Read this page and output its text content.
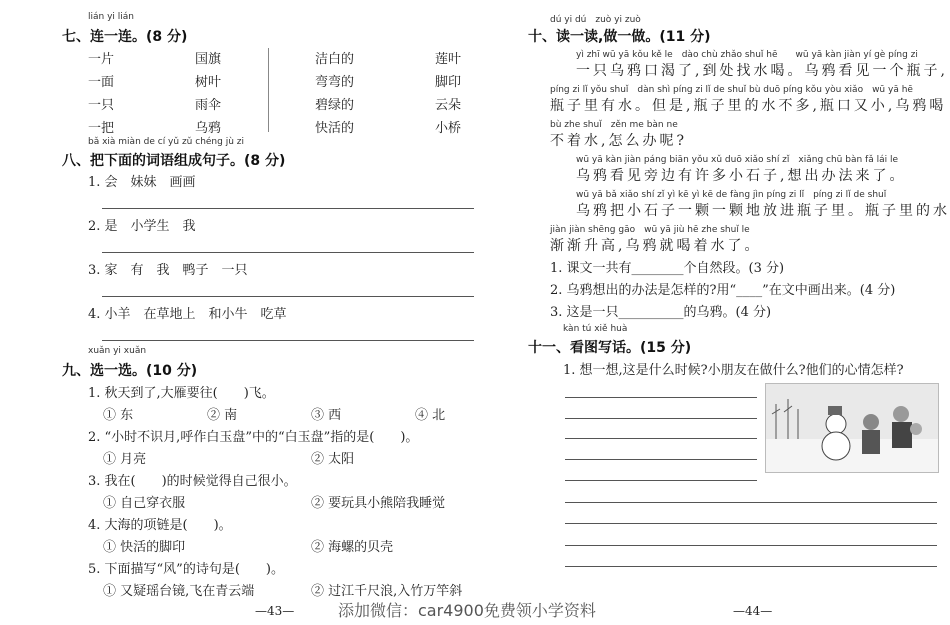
lián yi lián
七、连一连。(8 分)
一片	国旗	洁白的	莲叶
一面	树叶	弯弯的	脚印
一只	雨伞	碧绿的	云朵
一把	乌鸦	快活的	小桥
bǎ xià miàn de cí yǔ zǔ chéng jù zi
八、把下面的词语组成句子。(8 分)
1. 会　妹妹　画画
2. 是　小学生　我
3. 家　有　我　鸭子　一只
4. 小羊　在草地上　和小牛　吃草
xuǎn yi xuǎn
九、选一选。(10 分)
1. 秋天到了,大雁要往(　　)飞。
① 东	② 南	③ 西	④ 北
2. “小时不识月,呼作白玉盘”中的“白玉盘”指的是(　　)。
① 月亮	② 太阳
3. 我在(　　)的时候觉得自己很小。
① 自己穿衣服	② 要玩具小熊陪我睡觉
4. 大海的项链是(　　)。
① 快活的脚印	② 海螺的贝壳
5. 下面描写“风”的诗句是(　　)。
① 又疑瑶台镜,飞在青云端	② 过江千尺浪,入竹万竿斜
—43—
dú yi dú　zuò yi zuò
十、读一读,做一做。(11 分)
yì zhī wū yā kǒu kě le　dào chù zhǎo shuǐ hē　　wū yā kàn jiàn yí gè píng zi
一只乌鸦口渴了,到处找水喝。乌鸦看见一个瓶子,
píng zi lǐ yǒu shuǐ　dàn shì píng zi lǐ de shuǐ bù duō píng kǒu yòu xiǎo　wū yā hē
瓶子里有水。但是,瓶子里的水不多,瓶口又小,乌鸦喝
bù zhe shuǐ　zěn me bàn ne
不着水,怎么办呢?
wū yā kàn jiàn páng biān yǒu xǔ duō xiǎo shí zǐ　xiǎng chū bàn fǎ lái le
乌鸦看见旁边有许多小石子,想出办法来了。
wū yā bǎ xiǎo shí zǐ yì kē yì kē de fàng jìn píng zi lǐ　píng zi lǐ de shuǐ
乌鸦把小石子一颗一颗地放进瓶子里。瓶子里的水
jiàn jiàn shēng gāo　wū yā jiù hē zhe shuǐ le
渐渐升高,乌鸦就喝着水了。
1. 课文一共有________个自然段。(3 分)
2. 乌鸦想出的办法是怎样的?用“____”在文中画出来。(4 分)
3. 这是一只__________的乌鸦。(4 分)
kàn tú xiě huà
十一、看图写话。(15 分)
1. 想一想,这是什么时候?小朋友在做什么?他们的心情怎样?
—44—
添加微信：car4900免费领小学资料
